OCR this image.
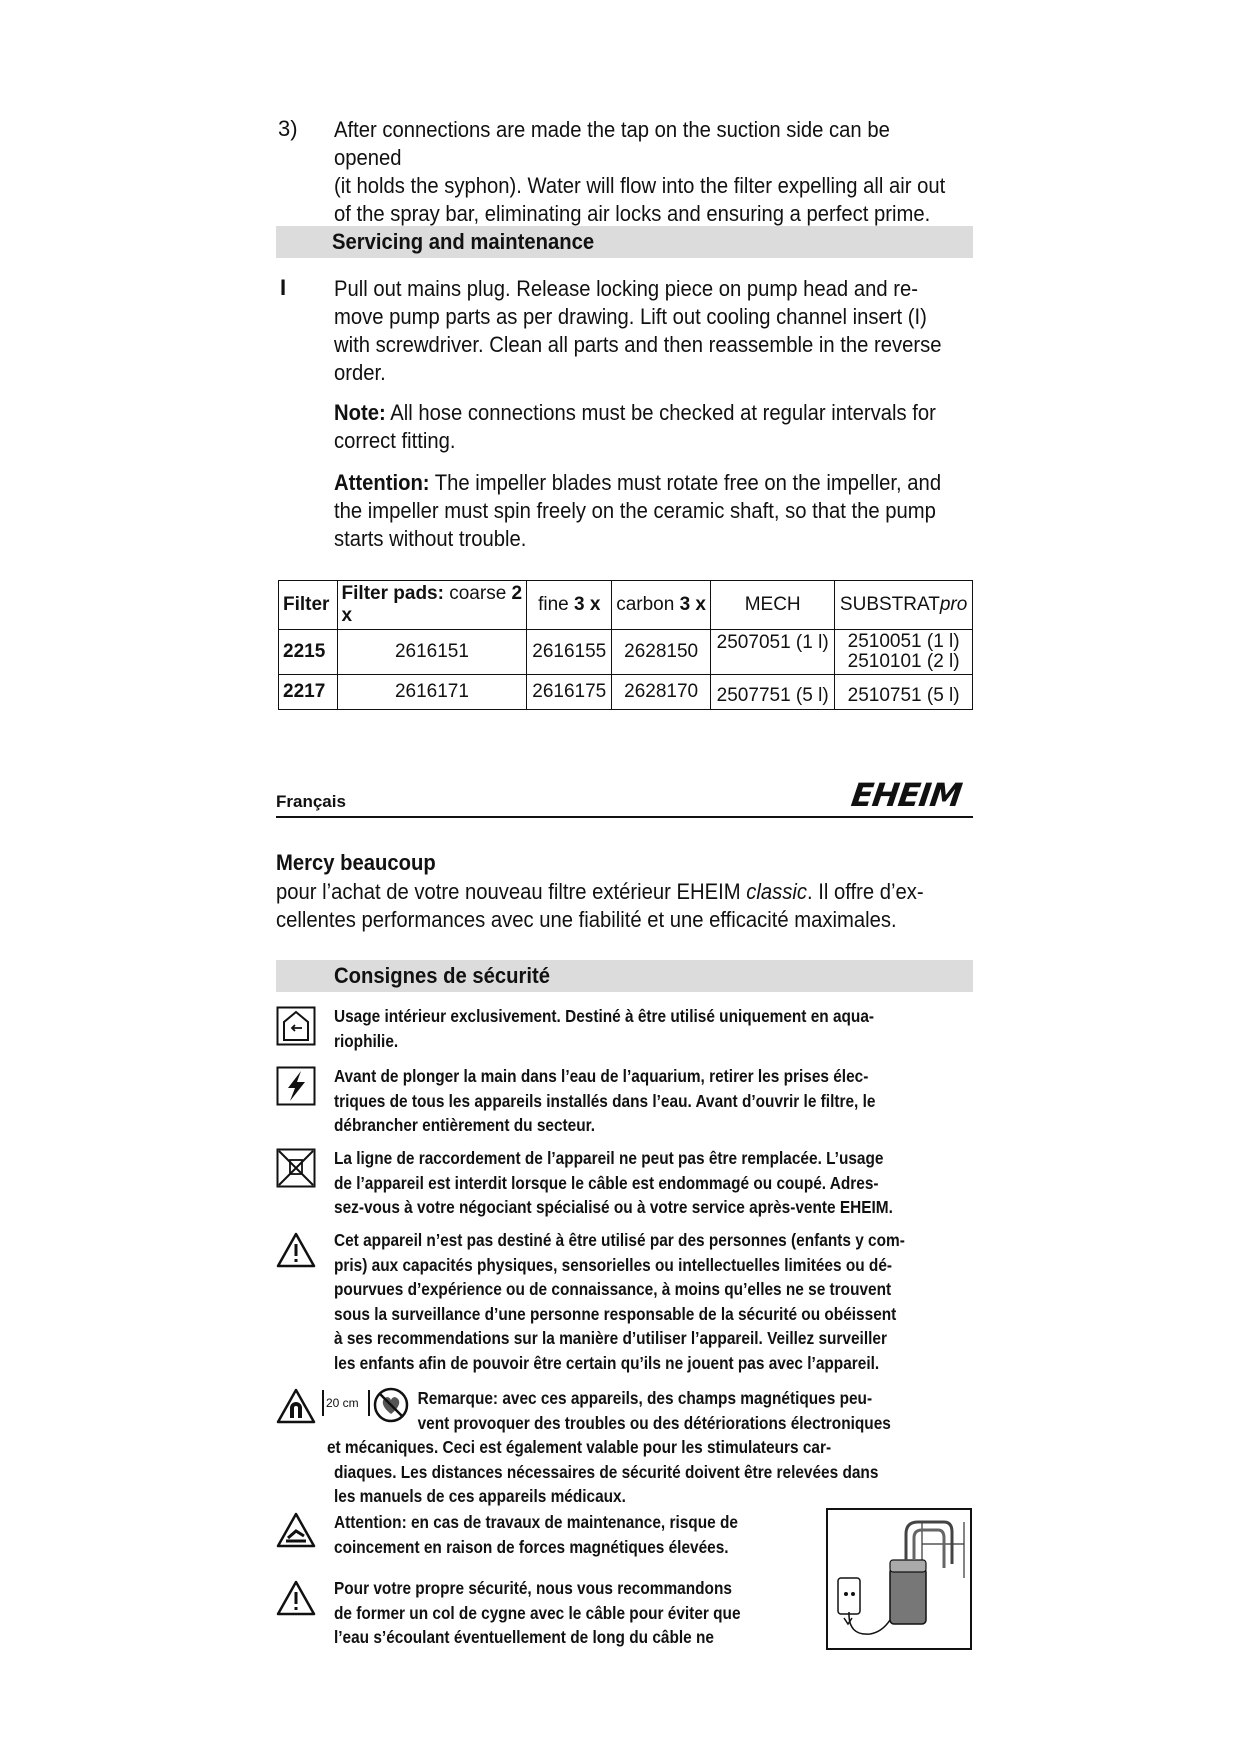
3) After connections are made the tap on the suction side can be opened
(it holds the syphon). Water will flow into the filter expelling all air out
of the spray bar, eliminating air locks and ensuring a perfect prime.
Servicing and maintenance
I Pull out mains plug. Release locking piece on pump head and re-
move pump parts as per drawing. Lift out cooling channel insert (I)
with screwdriver. Clean all parts and then reassemble in the reverse
order.
Note: All hose connections must be checked at regular intervals for
correct fitting.
Attention: The impeller blades must rotate free on the impeller, and
the impeller must spin freely on the ceramic shaft, so that the pump
starts without trouble.
Filter	Filter pads: coarse 2 x	fine 3 x	carbon 3 x	MECH	SUBSTRATpro
2215	2616151	2616155	2628150	2507051 (1 l)	2510051 (1 l)
2510101 (2 l)

2217	2616171	2616175	2628170	2507751 (5 l)	2510751 (5 l)
Français	EHEIM
Mercy beaucoup
pour l’achat de votre nouveau filtre extérieur EHEIM classic. Il offre d’ex-
cellentes performances avec une fiabilité et une efficacité maximales.
Consignes de sécurité
Usage intérieur exclusivement. Destiné à être utilisé uniquement en aqua-
riophilie.
Avant de plonger la main dans l’eau de l’aquarium, retirer les prises élec-
triques de tous les appareils installés dans l’eau. Avant d’ouvrir le filtre, le
débrancher entièrement du secteur.
La ligne de raccordement de l’appareil ne peut pas être remplacée. L’usage
de l’appareil est interdit lorsque le câble est endommagé ou coupé. Adres-
sez-vous à votre négociant spécialisé ou à votre service après-vente EHEIM.
Cet appareil n’est pas destiné à être utilisé par des personnes (enfants y com-
pris) aux capacités physiques, sensorielles ou intellectuelles limitées ou dé-
pourvues d’expérience ou de connaissance, à moins qu’elles ne se trouvent
sous la surveillance d’une personne responsable de la sécurité ou obéissent
à ses recommendations sur la manière d’utiliser l’appareil. Veillez surveiller
les enfants afin de pouvoir être certain qu’ils ne jouent pas avec l’appareil.
20 cm	Remarque: avec ces appareils, des champs magnétiques peu-
vent provoquer des troubles ou des détériorations électroniques
et mécaniques. Ceci est également valable pour les stimulateurs car-
diaques. Les distances nécessaires de sécurité doivent être relevées dans
les manuels de ces appareils médicaux.
Attention: en cas de travaux de maintenance, risque de
coincement en raison de forces magnétiques élevées.
Pour votre propre sécurité, nous vous recommandons
de former un col de cygne avec le câble pour éviter que
l’eau s’écoulant éventuellement de long du câble ne
